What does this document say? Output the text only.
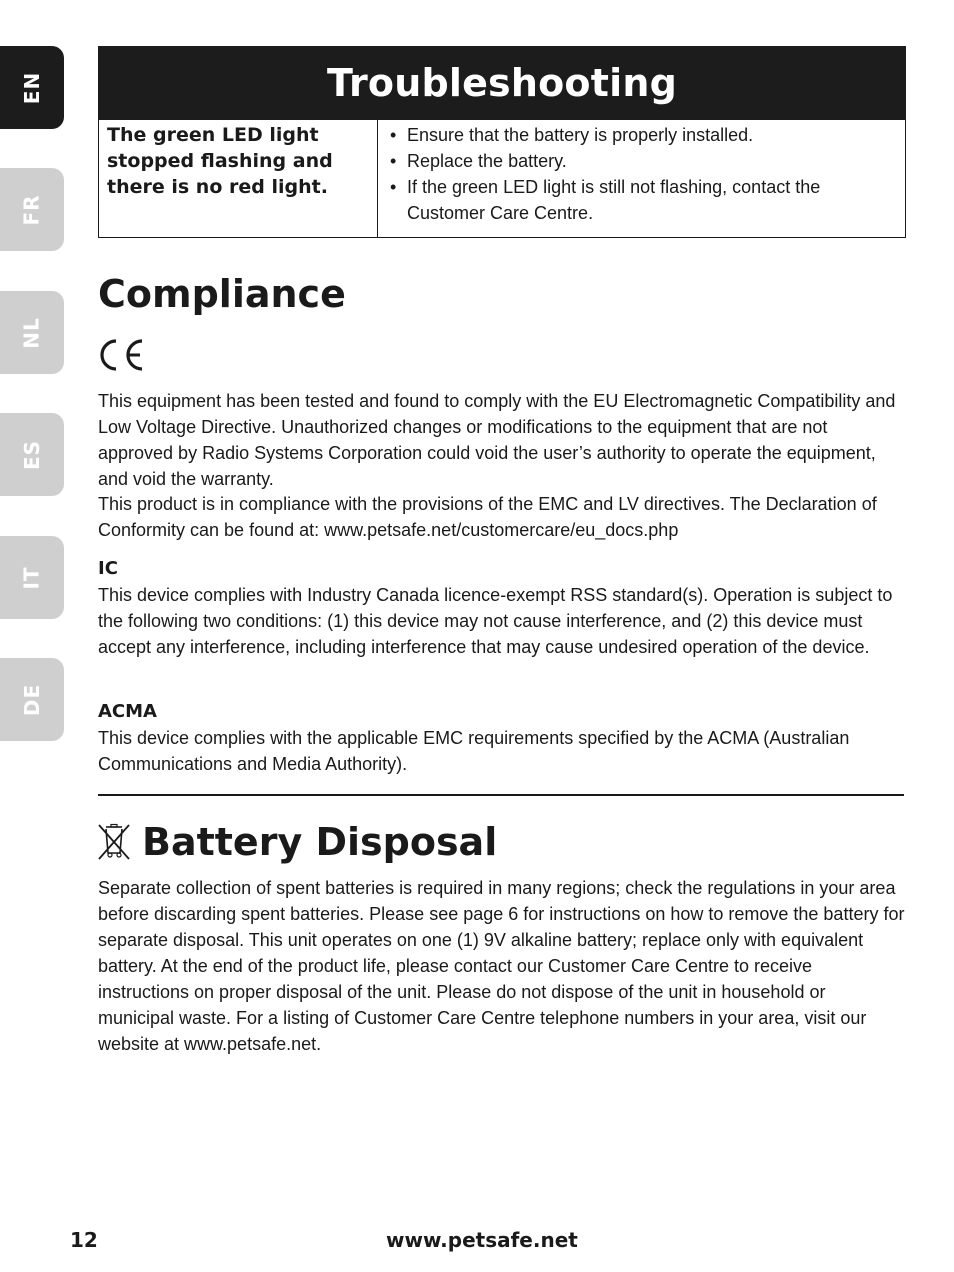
EN
FR
NL
ES
IT
DE
Troubleshooting
The green LED light stopped flashing and there is no red light.
• Ensure that the battery is properly installed.
• Replace the battery.
• If the green LED light is still not flashing, contact the Customer Care Centre.
Compliance

This equipment has been tested and found to comply with the EU Electromagnetic Compatibility and Low Voltage Directive. Unauthorized changes or modifications to the equipment that are not approved by Radio Systems Corporation could void the user’s authority to operate the equipment, and void the warranty.

This product is in compliance with the provisions of the EMC and LV directives. The Declaration of Conformity can be found at: www.petsafe.net/customercare/eu_docs.php

IC

This device complies with Industry Canada licence-exempt RSS standard(s). Operation is subject to the following two conditions: (1) this device may not cause interference, and (2) this device must accept any interference, including interference that may cause undesired operation of the device.

ACMA

This device complies with the applicable EMC requirements specified by the ACMA (Australian Communications and Media Authority).

Battery Disposal

Separate collection of spent batteries is required in many regions; check the regulations in your area before discarding spent batteries. Please see page 6 for instructions on how to remove the battery for separate disposal. This unit operates on one (1) 9V alkaline battery; replace only with equivalent battery. At the end of the product life, please contact our Customer Care Centre to receive instructions on proper disposal of the unit. Please do not dispose of the unit in household or municipal waste. For a listing of Customer Care Centre telephone numbers in your area, visit our website at www.petsafe.net.

12	www.petsafe.net
